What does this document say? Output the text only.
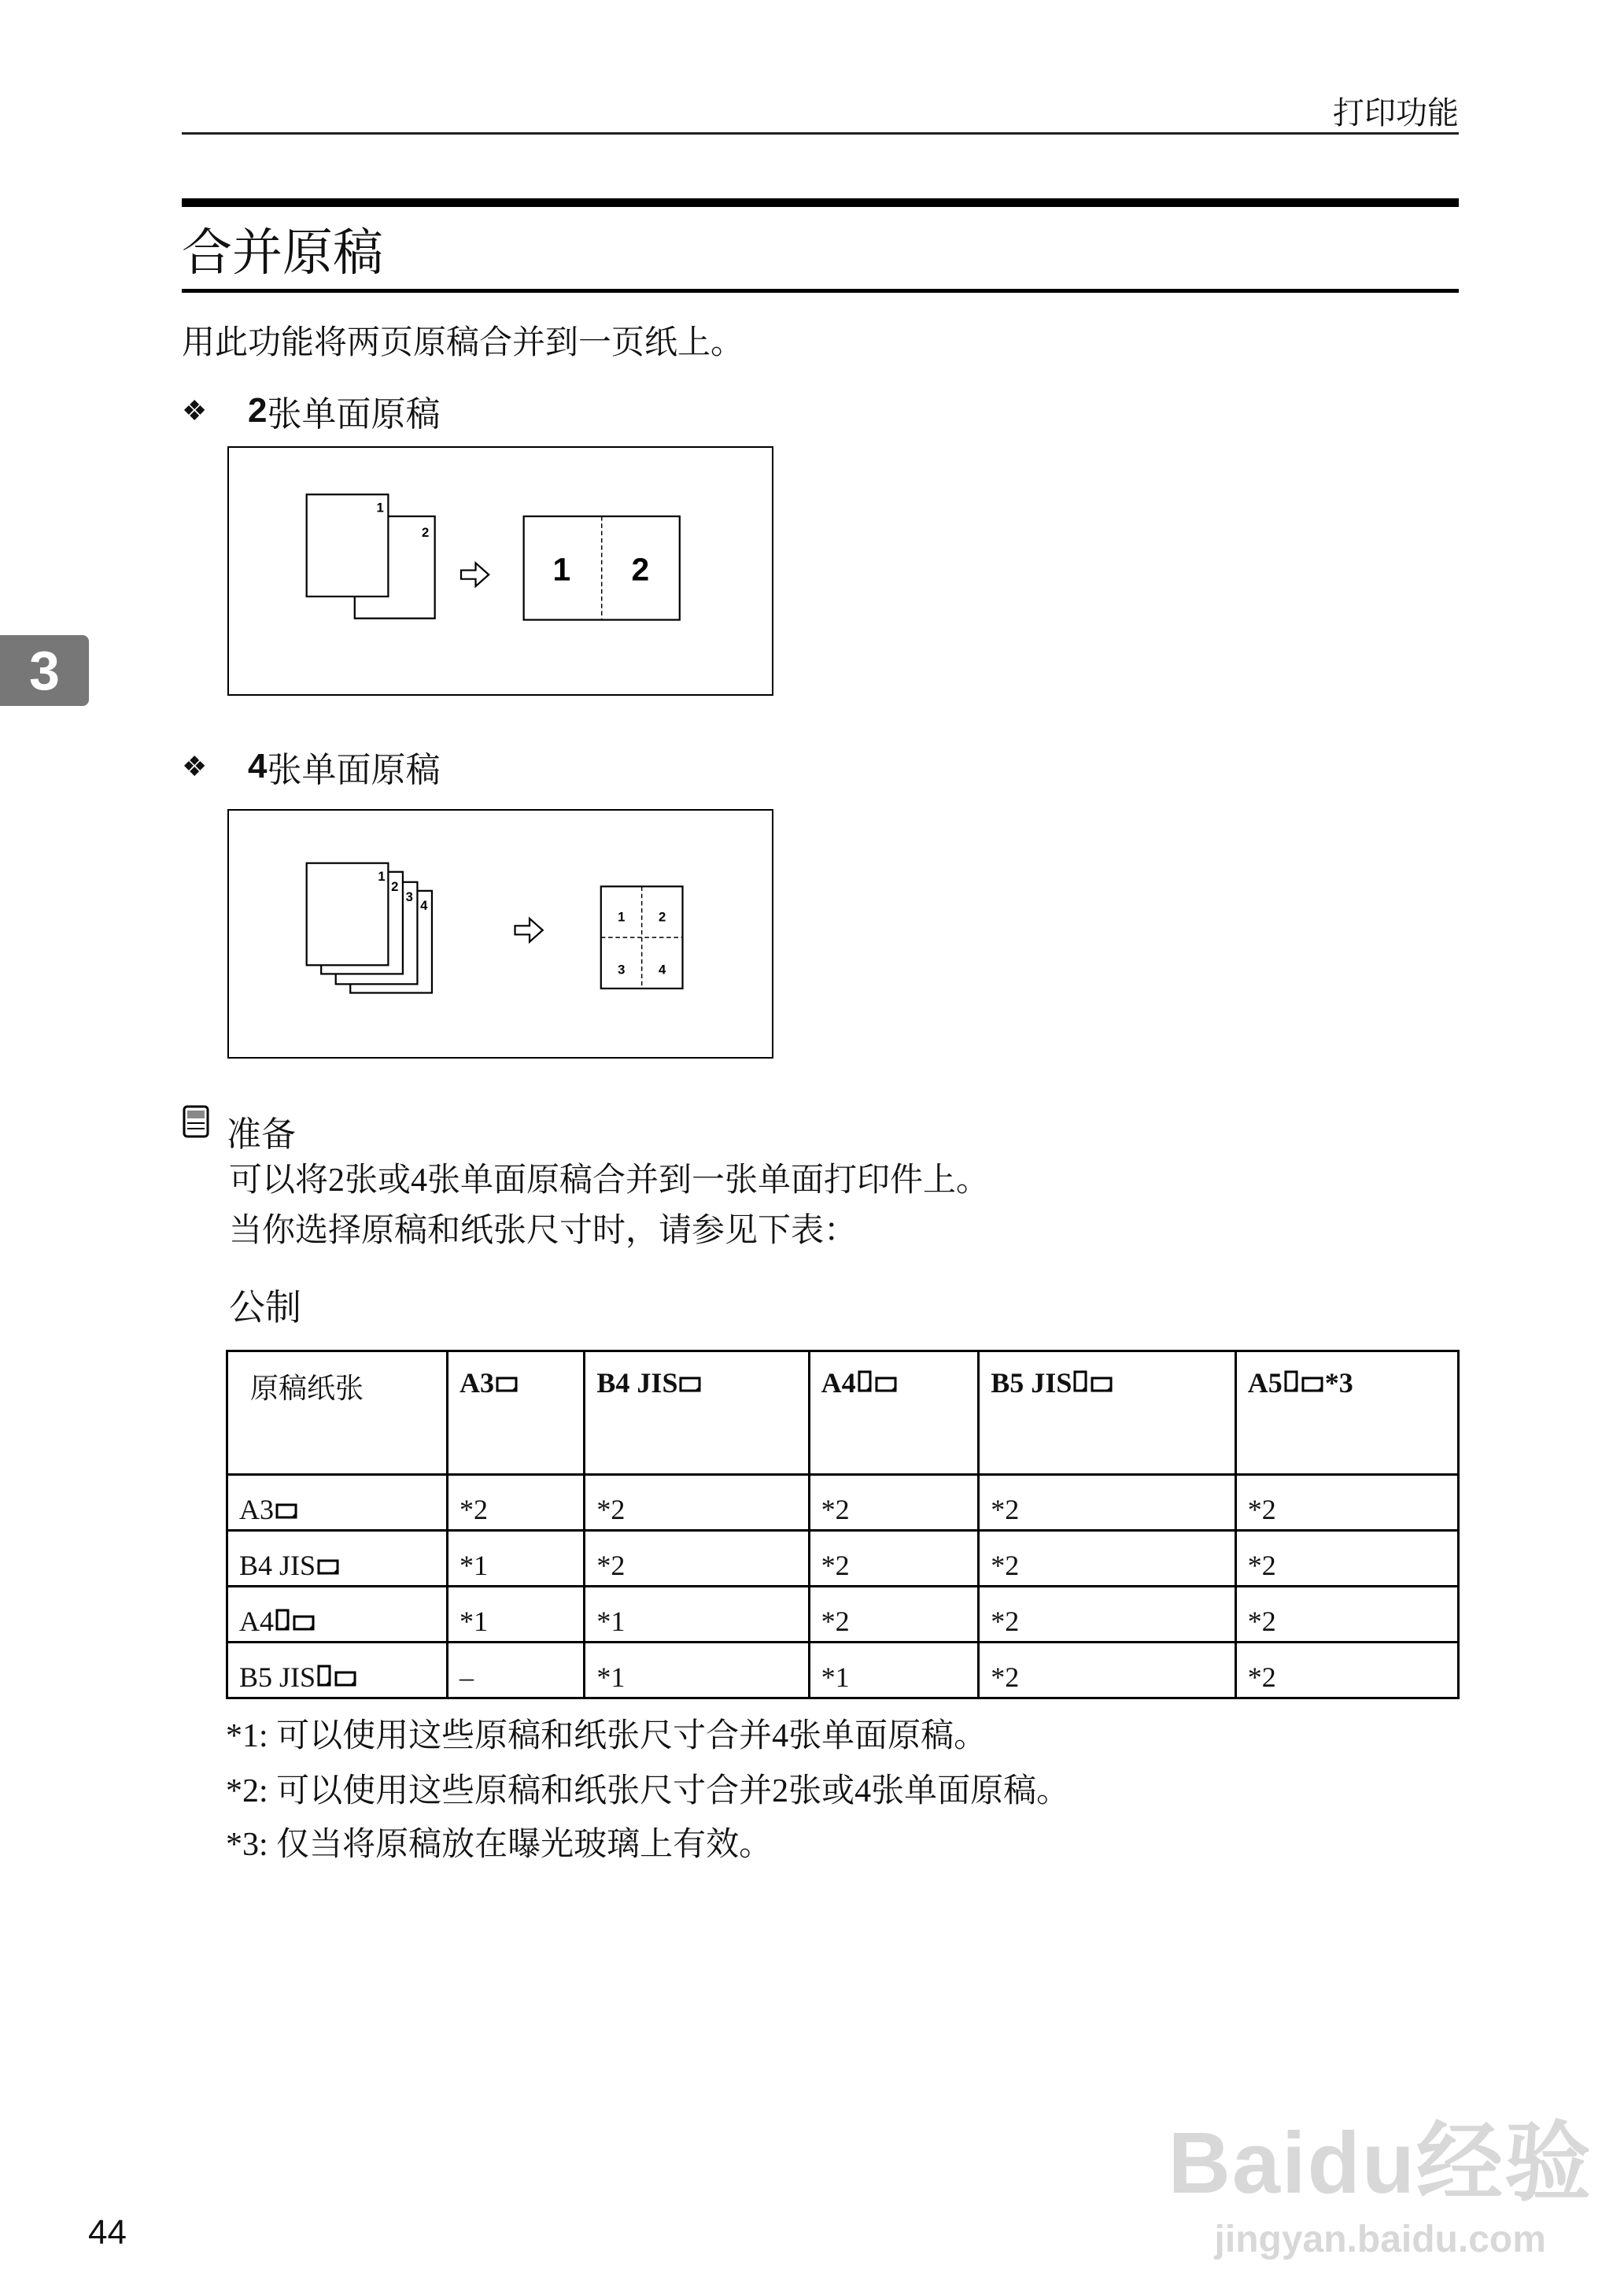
打印功能
合并原稿
用此功能将两页原稿合并到一页纸上。
3
❖	2 张单面原稿
1
2
1	2
❖	4 张单面原稿
1
2
3
4
1	2
3	4
准备
可以将2张或4张单面原稿合并到一张单面打印件上。
当你选择原稿和纸张尺寸时，请参见下表：
公制
原稿纸张	A3	B4 JIS	A4	B5 JIS	A5 *3
A3	*2	*2	*2	*2	*2
B4 JIS	*1	*2	*2	*2	*2
A4	*1	*1	*2	*2	*2
B5 JIS	–	*1	*1	*2	*2
*1: 可以使用这些原稿和纸张尺寸合并4张单面原稿。
*2: 可以使用这些原稿和纸张尺寸合并2张或4张单面原稿。
*3: 仅当将原稿放在曝光玻璃上有效。
44
Baidu经验
jingyan.baidu.com
